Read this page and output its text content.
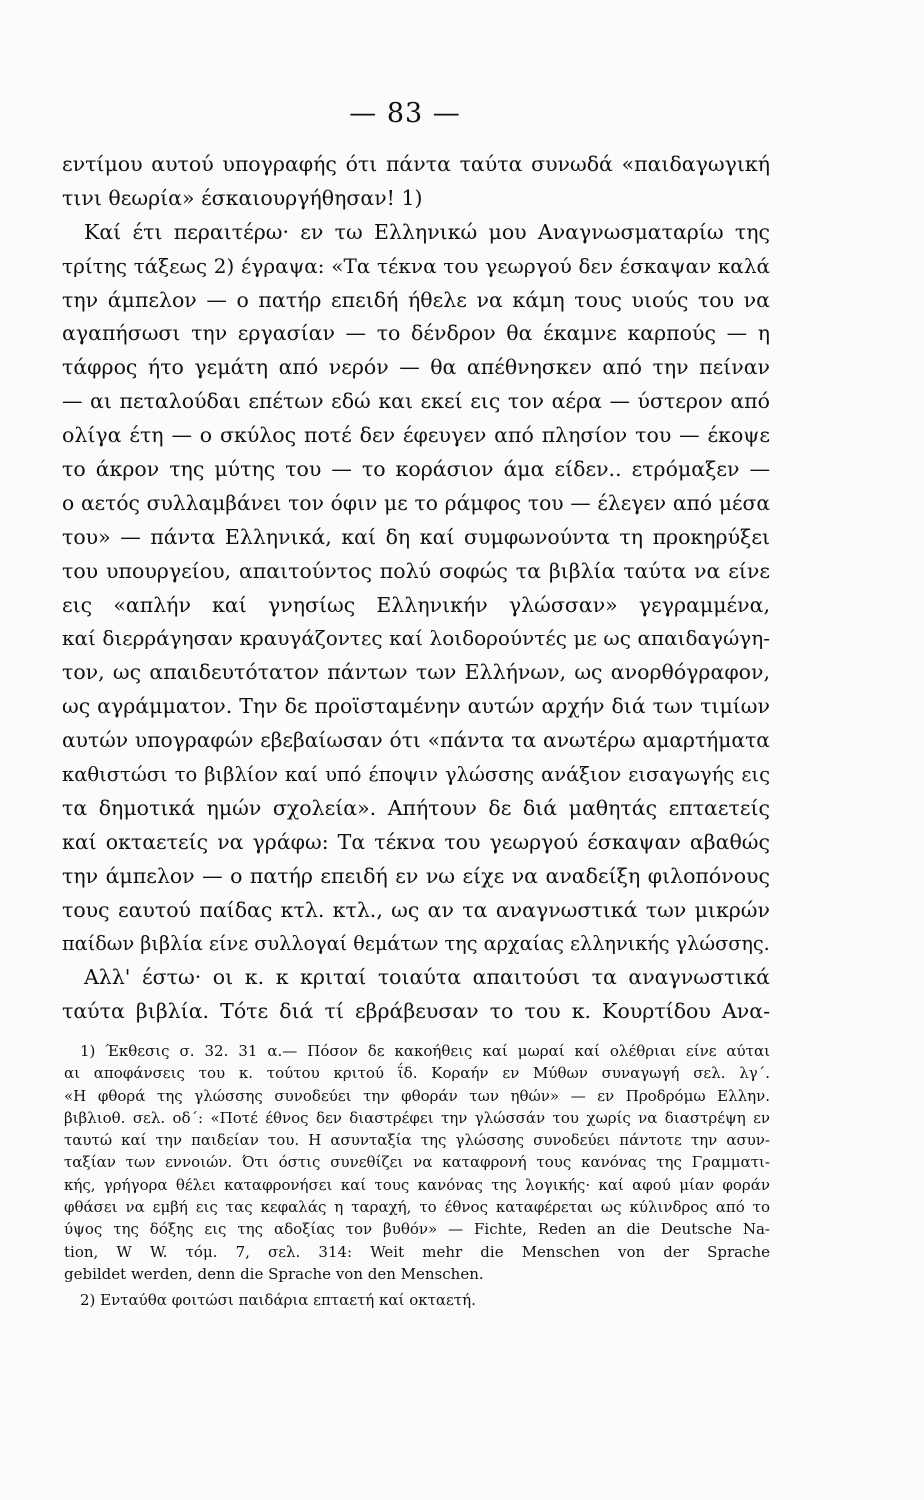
— 83 —
εντίμου αυτού υπογραφής ότι πάντα ταύτα συνωδά «παιδαγωγική
τινι θεωρία» έσκαιουργήθησαν! 1)
Καί έτι περαιτέρω· εν τω Ελληνικώ μου Αναγνωσματαρίω της
τρίτης τάξεως 2) έγραψα: «Τα τέκνα του γεωργού δεν έσκαψαν καλά
την άμπελον — ο πατήρ επειδή ήθελε να κάμη τους υιούς του να
αγαπήσωσι την εργασίαν — το δένδρον θα έκαμνε καρπούς — η
τάφρος ήτο γεμάτη από νερόν — θα απέθνησκεν από την πείναν
— αι πεταλούδαι επέτων εδώ και εκεί εις τον αέρα — ύστερον από
ολίγα έτη — ο σκύλος ποτέ δεν έφευγεν από πλησίον του — έκοψε
το άκρον της μύτης του — το κοράσιον άμα είδεν.. ετρόμαξεν —
ο αετός συλλαμβάνει τον όφιν με το ράμφος του — έλεγεν από μέσα
του» — πάντα Ελληνικά, καί δη καί συμφωνούντα τη προκηρύξει
του υπουργείου, απαιτούντος πολύ σοφώς τα βιβλία ταύτα να είνε
εις «απλήν καί γνησίως Ελληνικήν γλώσσαν» γεγραμμένα,
καί διερράγησαν κραυγάζοντες καί λοιδορούντές με ως απαιδαγώγη-
τον, ως απαιδευτότατον πάντων των Ελλήνων, ως ανορθόγραφον,
ως αγράμματον. Την δε προϊσταμένην αυτών αρχήν διά των τιμίων
αυτών υπογραφών εβεβαίωσαν ότι «πάντα τα ανωτέρω αμαρτήματα
καθιστώσι το βιβλίον καί υπό έποψιν γλώσσης ανάξιον εισαγωγής εις
τα δημοτικά ημών σχολεία». Απήτουν δε διά μαθητάς επταετείς
καί οκταετείς να γράφω: Τα τέκνα του γεωργού έσκαψαν αβαθώς
την άμπελον — ο πατήρ επειδή εν νω είχε να αναδείξη φιλοπόνους
τους εαυτού παίδας κτλ. κτλ., ως αν τα αναγνωστικά των μικρών
παίδων βιβλία είνε συλλογαί θεμάτων της αρχαίας ελληνικής γλώσσης.
Αλλ' έστω· οι κ. κ κριταί τοιαύτα απαιτούσι τα αναγνωστικά
ταύτα βιβλία. Τότε διά τί εβράβευσαν το του κ. Κουρτίδου Ανα-
1) Έκθεσις σ. 32. 31 α.— Πόσον δε κακοήθεις καί μωραί καί ολέθριαι είνε αύται
αι αποφάνσεις του κ. τούτου κριτού ΐδ. Κοραήν εν Μύθων συναγωγή σελ. λγ΄.
«Η φθορά της γλώσσης συνοδεύει την φθοράν των ηθών» — εν Προδρόμω Ελλην.
βιβλιοθ. σελ. οδ΄: «Ποτέ έθνος δεν διαστρέφει την γλώσσάν του χωρίς να διαστρέψη εν
ταυτώ καί την παιδείαν του. Η ασυνταξία της γλώσσης συνοδεύει πάντοτε την ασυν-
ταξίαν των εννοιών. Ότι όστις συνεθίζει να καταφρονή τους κανόνας της Γραμματι-
κής, γρήγορα θέλει καταφρονήσει καί τους κανόνας της λογικής· καί αφού μίαν φοράν
φθάσει να εμβή εις τας κεφαλάς η ταραχή, το έθνος καταφέρεται ως κύλινδρος από το
ύψος της δόξης εις της αδοξίας τον βυθόν» — Fichte, Reden an die Deutsche Na-
tion, W W. τόμ. 7, σελ. 314: Weit mehr die Menschen von der Sprache
gebildet werden, denn die Sprache von den Menschen.
2) Ενταύθα φοιτώσι παιδάρια επταετή καί οκταετή.
